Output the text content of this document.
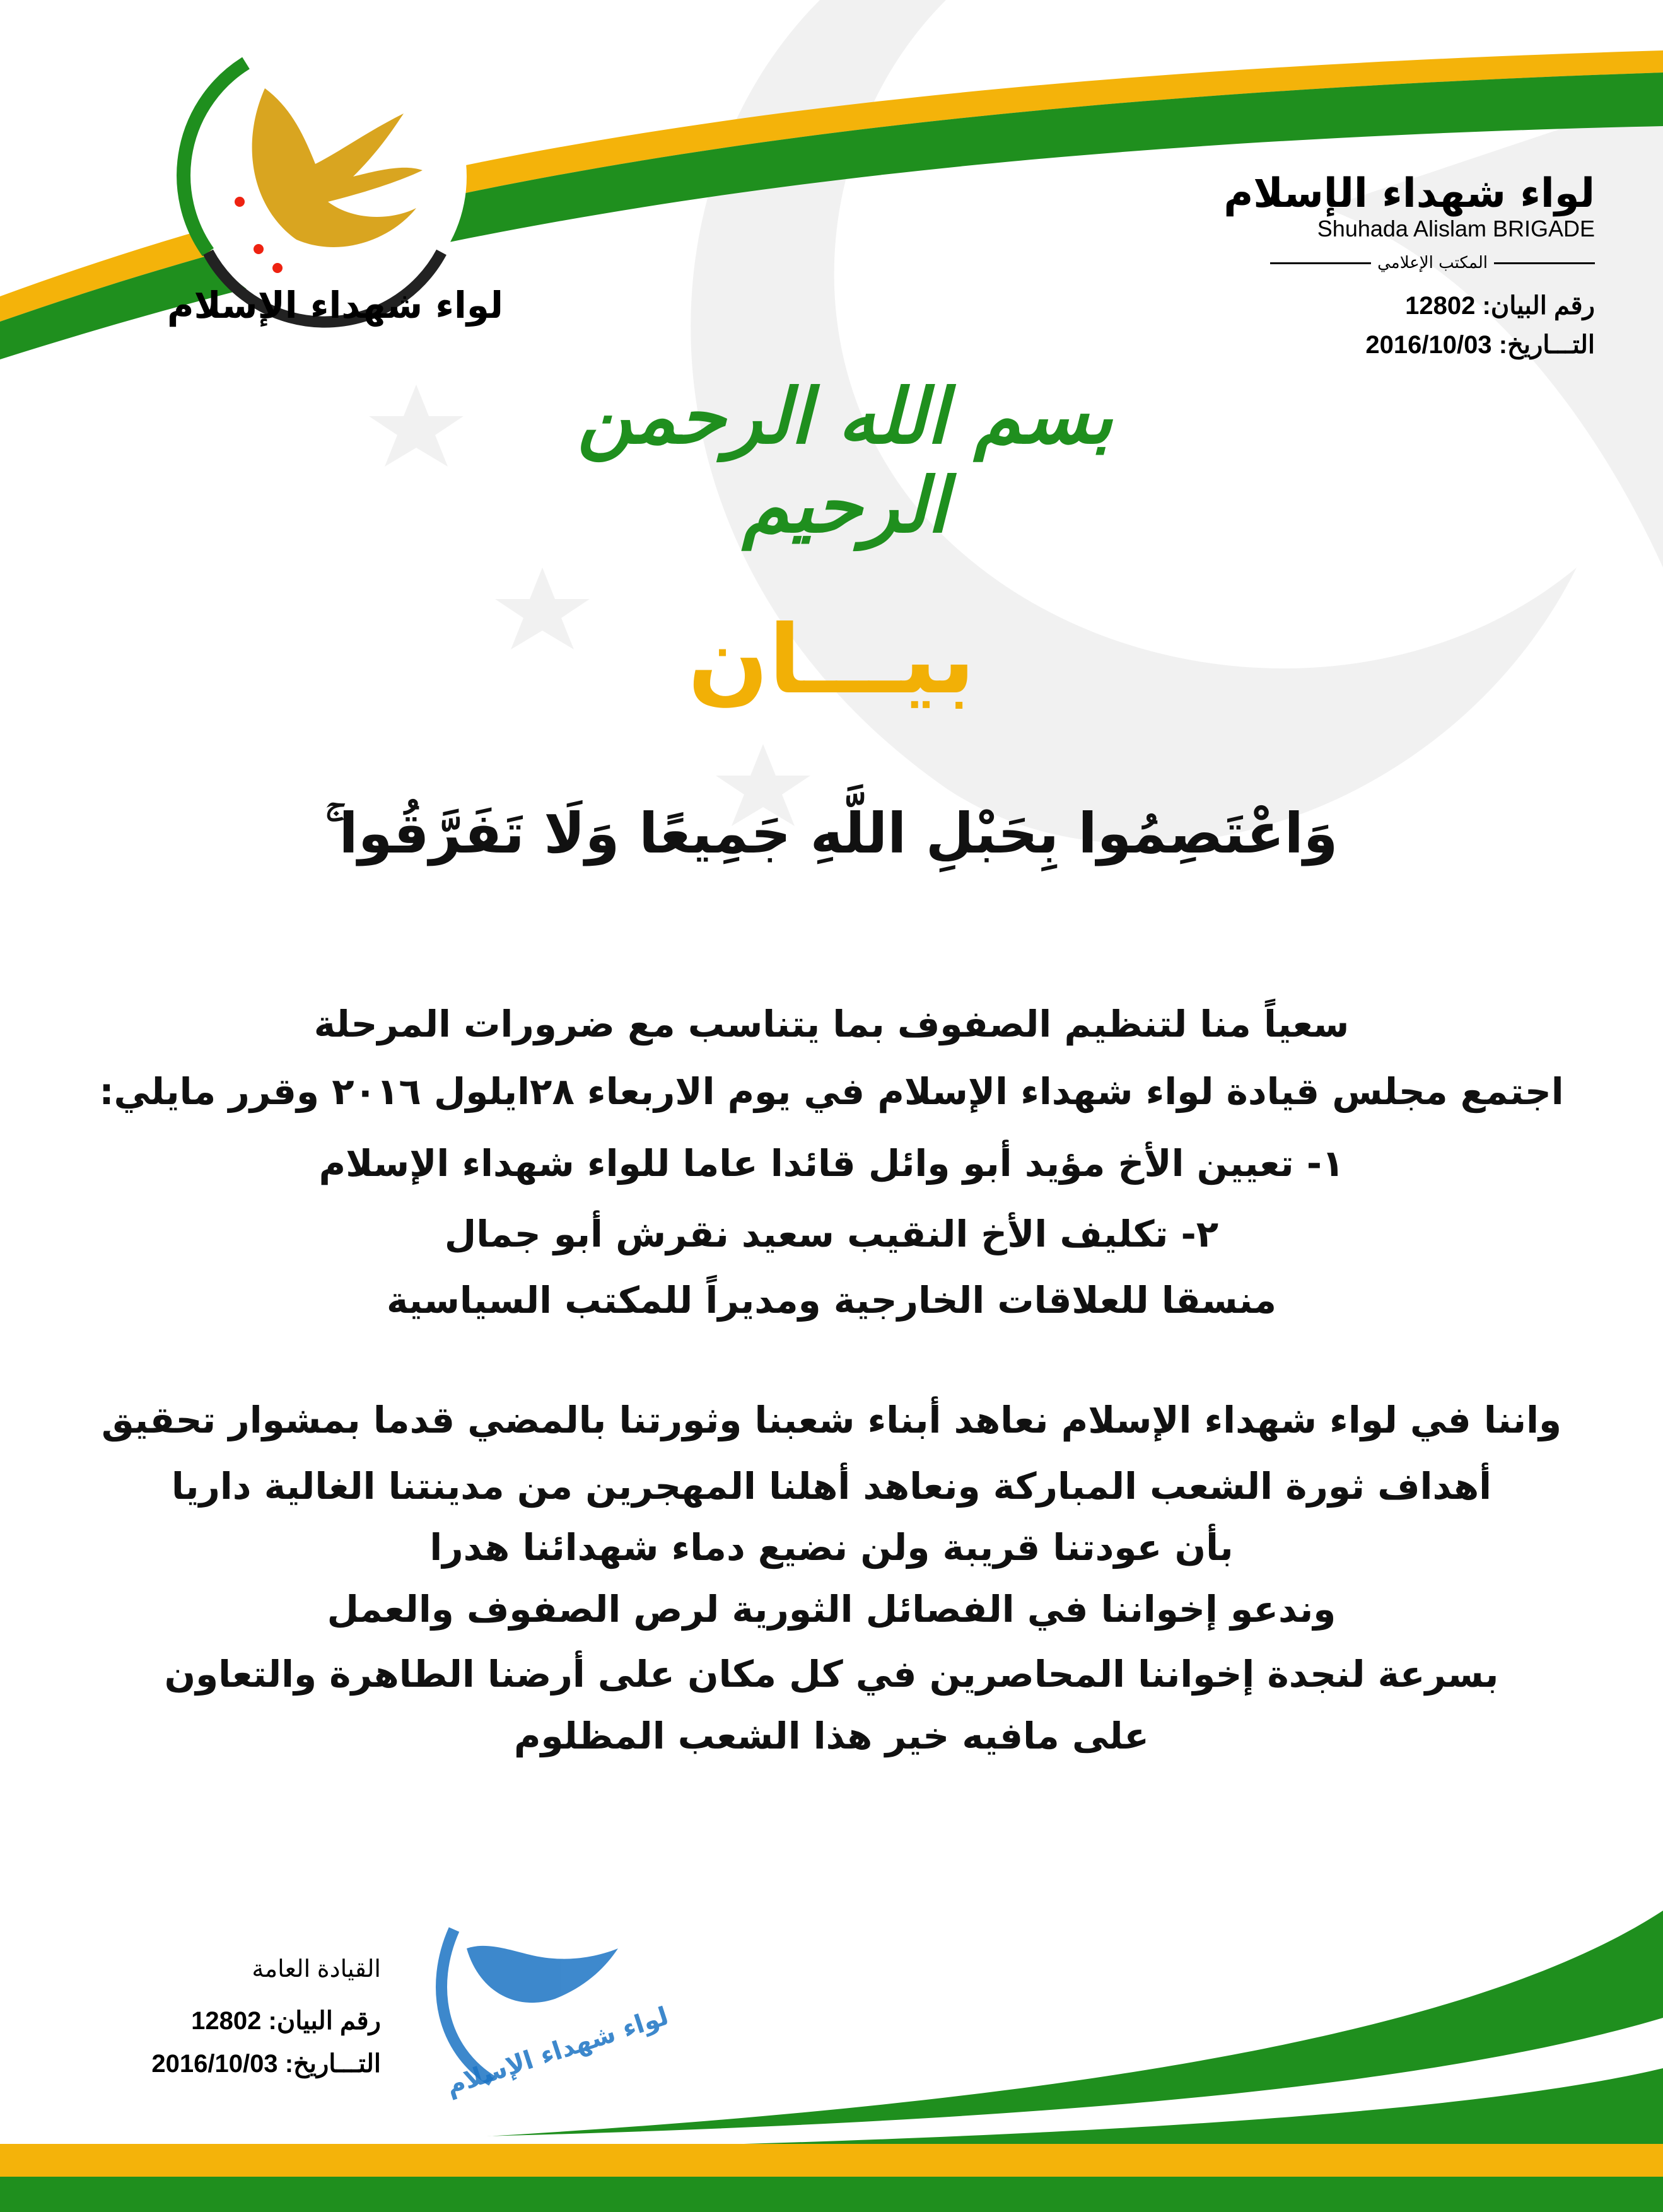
لواء شهداء الإسلام
لواء شهداء الإسلام
Shuhada Alislam BRIGADE
المكتب الإعلامي
رقم البيان: 12802
التـــاريخ: 2016/10/03
بسم الله الرحمن الرحيم
بيـــان
وَاعْتَصِمُوا بِحَبْلِ اللَّهِ جَمِيعًا وَلَا تَفَرَّقُوا ۚ
سعياً منا لتنظيم الصفوف بما يتناسب مع ضرورات المرحلة
اجتمع مجلس قيادة لواء شهداء الإسلام في يوم الاربعاء ٢٨ايلول ٢٠١٦ وقرر مايلي:
١- تعيين الأخ مؤيد أبو وائل قائدا عاما للواء شهداء الإسلام
٢- تكليف الأخ النقيب سعيد نقرش أبو جمال
منسقا للعلاقات الخارجية ومديراً للمكتب السياسية
واننا في لواء شهداء الإسلام نعاهد أبناء شعبنا وثورتنا بالمضي قدما بمشوار تحقيق
أهداف ثورة الشعب المباركة ونعاهد أهلنا المهجرين من مدينتنا الغالية داريا
بأن عودتنا قريبة ولن نضيع دماء شهدائنا هدرا
وندعو إخواننا في الفصائل الثورية لرص الصفوف والعمل
بسرعة لنجدة إخواننا المحاصرين في كل مكان على أرضنا الطاهرة والتعاون
على مافيه خير هذا الشعب المظلوم
القيادة العامة
رقم البيان: 12802
التـــاريخ: 2016/10/03	لواء شهداء الإسلام
